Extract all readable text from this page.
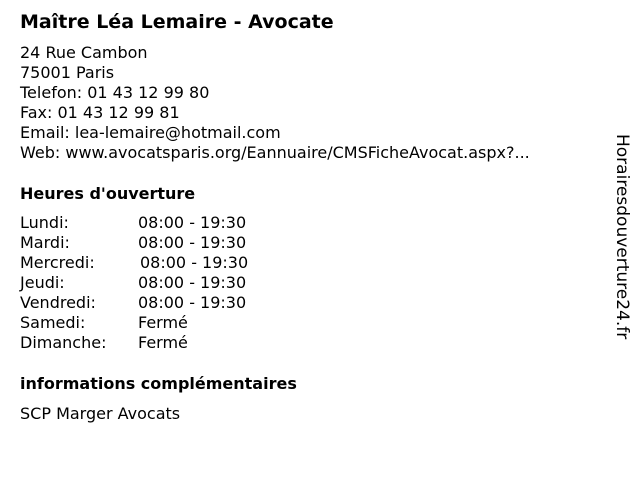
Maître Léa Lemaire - Avocate
24 Rue Cambon
75001 Paris
Telefon: 01 43 12 99 80
Fax: 01 43 12 99 81
Email: lea-lemaire@hotmail.com
Web: www.avocatsparis.org/Eannuaire/CMSFicheAvocat.aspx?...
Heures d'ouverture
Lundi:	08:00 - 19:30
Mardi:	08:00 - 19:30
Mercredi:	08:00 - 19:30
Jeudi:	08:00 - 19:30
Vendredi:	08:00 - 19:30
Samedi:	Fermé
Dimanche: Fermé
informations complémentaires
SCP Marger Avocats
Horairesdouverture24.fr
